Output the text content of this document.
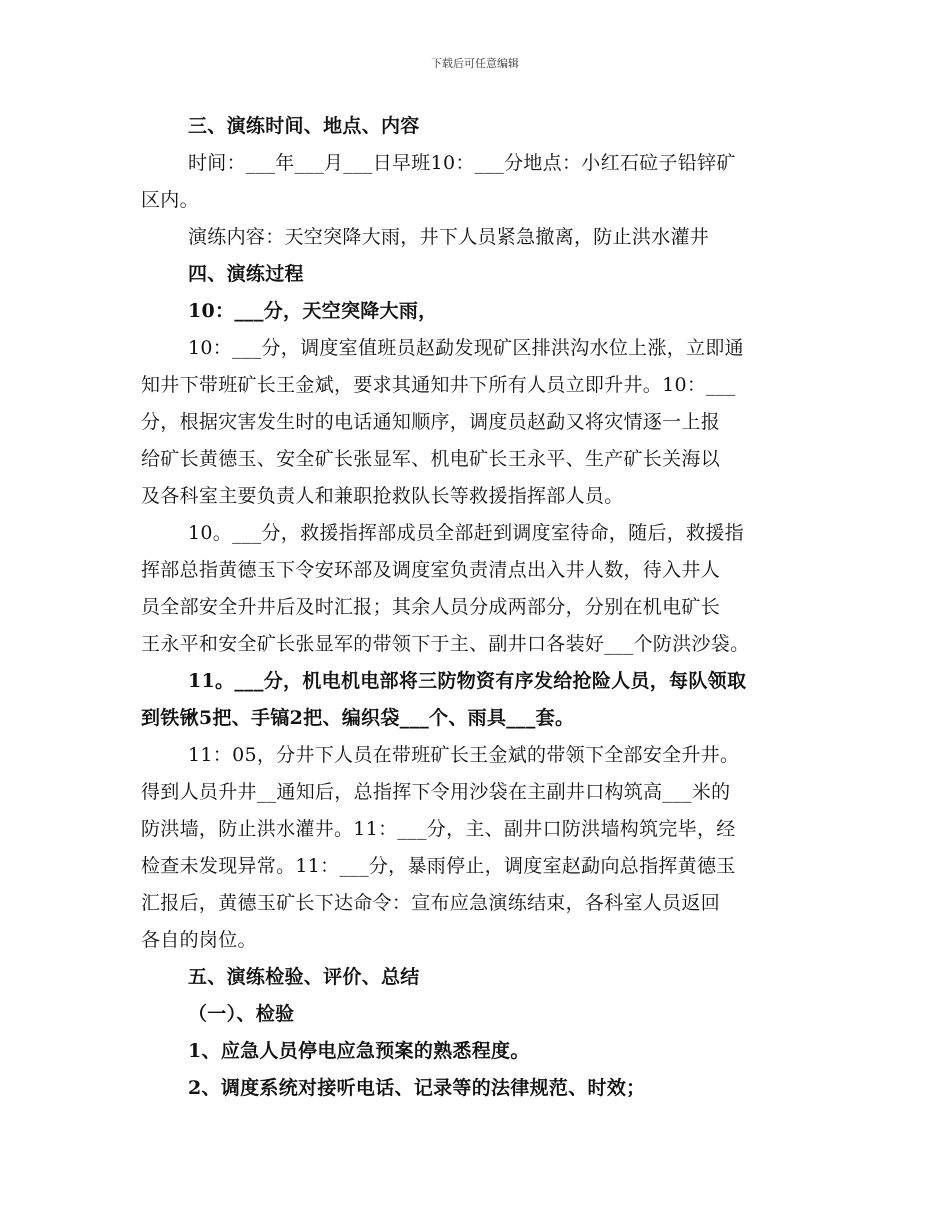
下载后可任意编辑
三、演练时间、地点、内容
时间：___年___月___日早班10：___分地点：小红石砬子铅锌矿
区内。
演练内容：天空突降大雨，井下人员紧急撤离，防止洪水灌井
四、演练过程
10：___分，天空突降大雨，
10：___分，调度室值班员赵勐发现矿区排洪沟水位上涨，立即通
知井下带班矿长王金斌，要求其通知井下所有人员立即升井。10：___
分，根据灾害发生时的电话通知顺序，调度员赵勐又将灾情逐一上报
给矿长黄德玉、安全矿长张显军、机电矿长王永平、生产矿长关海以
及各科室主要负责人和兼职抢救队长等救援指挥部人员。
10。___分，救援指挥部成员全部赶到调度室待命，随后，救援指
挥部总指黄德玉下令安环部及调度室负责清点出入井人数，待入井人
员全部安全升井后及时汇报；其余人员分成两部分，分别在机电矿长
王永平和安全矿长张显军的带领下于主、副井口各装好___个防洪沙袋。
11。___分，机电机电部将三防物资有序发给抢险人员，每队领取
到铁锹5把、手镐2把、编织袋___个、雨具___套。
11：05，分井下人员在带班矿长王金斌的带领下全部安全升井。
得到人员升井__通知后，总指挥下令用沙袋在主副井口构筑高___米的
防洪墙，防止洪水灌井。11：___分，主、副井口防洪墙构筑完毕，经
检查未发现异常。11：___分，暴雨停止，调度室赵勐向总指挥黄德玉
汇报后，黄德玉矿长下达命令：宣布应急演练结束，各科室人员返回
各自的岗位。
五、演练检验、评价、总结
（一）、检验
1、应急人员停电应急预案的熟悉程度。
2、调度系统对接听电话、记录等的法律规范、时效；
